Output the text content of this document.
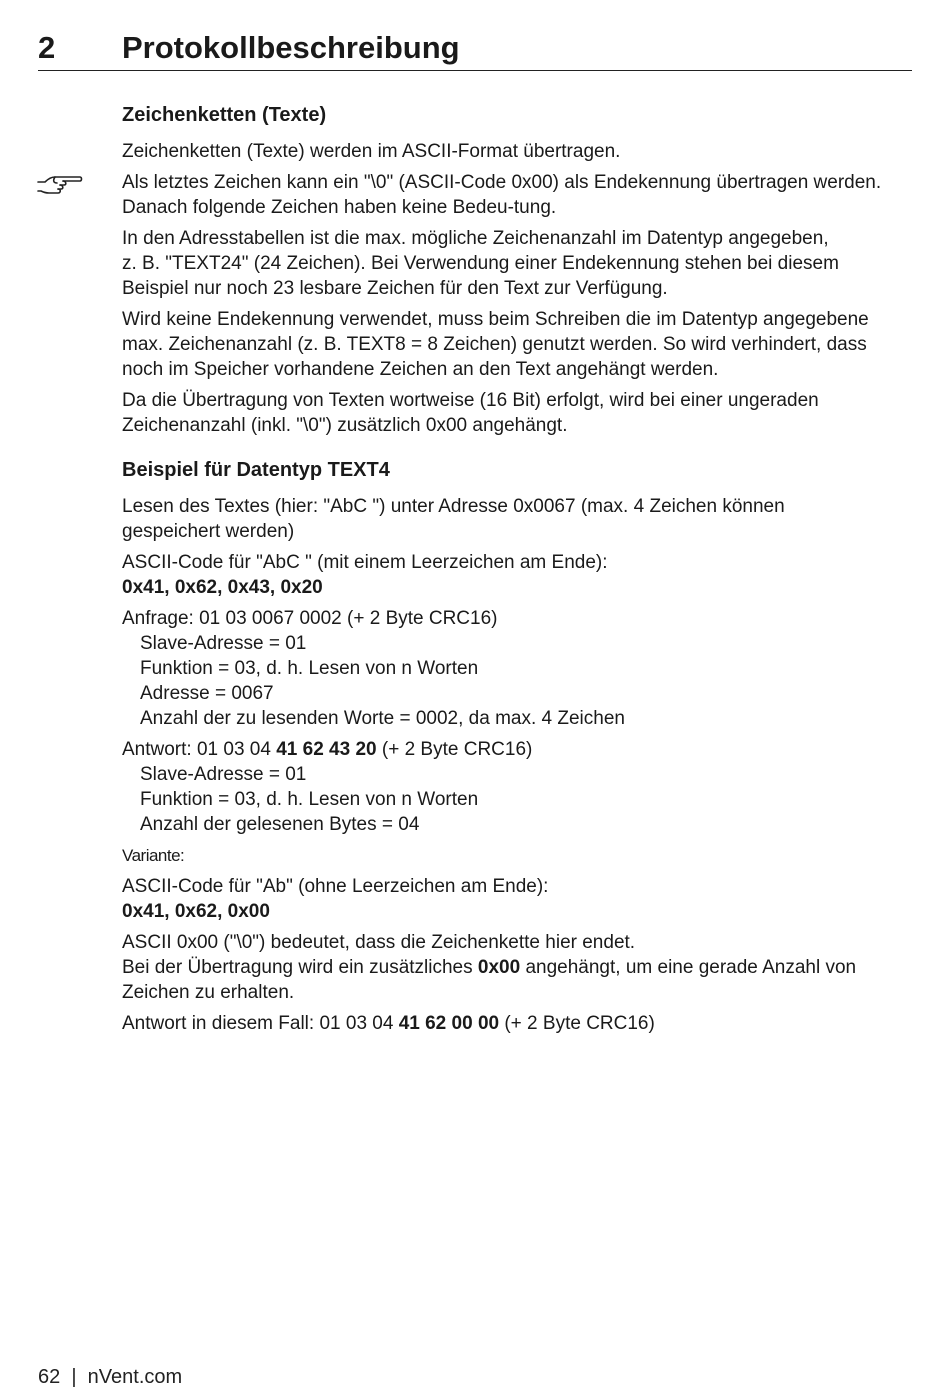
2 Protokollbeschreibung
Zeichenketten (Texte)

Zeichenketten (Texte) werden im ASCII-Format übertragen.

Als letztes Zeichen kann ein "\0" (ASCII-Code 0x00) als Endekennung übertragen werden.
Danach folgende Zeichen haben keine Bedeu-tung.

In den Adresstabellen ist die max. mögliche Zeichenanzahl im Datentyp angegeben,
z. B. "TEXT24" (24 Zeichen). Bei Verwendung einer Endekennung stehen bei diesem
Beispiel nur noch 23 lesbare Zeichen für den Text zur Verfügung.

Wird keine Endekennung verwendet, muss beim Schreiben die im Datentyp angegebene
max. Zeichenanzahl (z. B. TEXT8 = 8 Zeichen) genutzt werden. So wird verhindert, dass
noch im Speicher vorhandene Zeichen an den Text angehängt werden.

Da die Übertragung von Texten wortweise (16 Bit) erfolgt, wird bei einer ungeraden
Zeichenanzahl (inkl. "\0") zusätzlich 0x00 angehängt.

Beispiel für Datentyp TEXT4

Lesen des Textes (hier: "AbC ") unter Adresse 0x0067 (max. 4 Zeichen können
gespeichert werden)

ASCII-Code für "AbC " (mit einem Leerzeichen am Ende):
0x41, 0x62, 0x43, 0x20

Anfrage: 01 03 0067 0002 (+ 2 Byte CRC16)
Slave-Adresse = 01
Funktion = 03, d. h. Lesen von n Worten
Adresse = 0067
Anzahl der zu lesenden Worte = 0002, da max. 4 Zeichen

Antwort: 01 03 04 41 62 43 20 (+ 2 Byte CRC16)
Slave-Adresse = 01
Funktion = 03, d. h. Lesen von n Worten
Anzahl der gelesenen Bytes = 04

Variante:

ASCII-Code für "Ab" (ohne Leerzeichen am Ende):
0x41, 0x62, 0x00

ASCII 0x00 ("\0") bedeutet, dass die Zeichenkette hier endet.
Bei der Übertragung wird ein zusätzliches 0x00 angehängt, um eine gerade Anzahl von
Zeichen zu erhalten.

Antwort in diesem Fall: 01 03 04 41 62 00 00 (+ 2 Byte CRC16)

62  |  nVent.com
